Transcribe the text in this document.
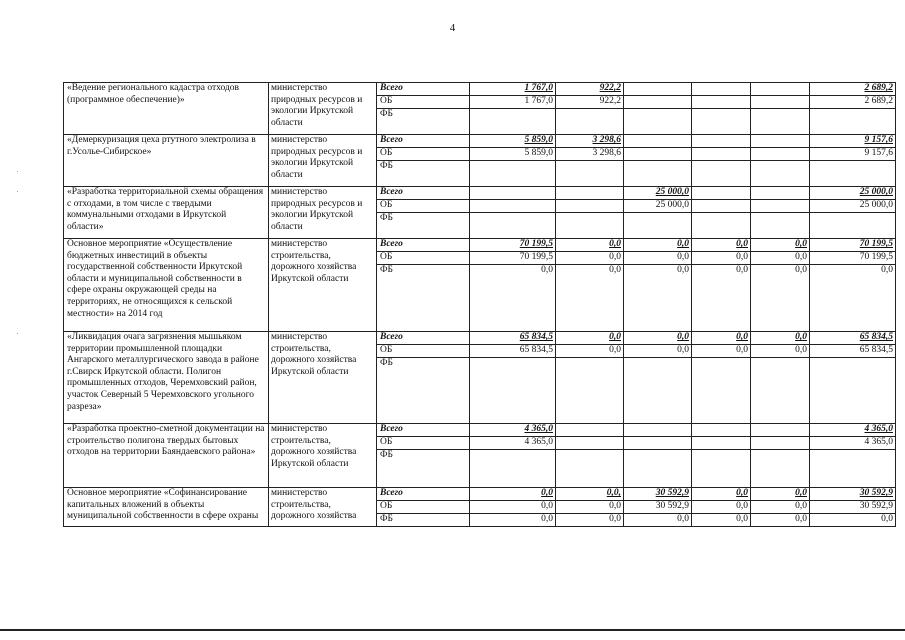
4
«Ведение регионального кадастра отходов (программное обеспечение)»	министерство природных ресурсов и экологии Иркутской области	Всего	1 767,0	922,2				2 689,2
		ОБ	1 767,0	922,2				2 689,2
		ФБ						
«Демеркуризация цеха ртутного электролиза в г.Усолье-Сибирское»	министерство природных ресурсов и экологии Иркутской области	Всего	5 859,0	3 298,6				9 157,6
		ОБ	5 859,0	3 298,6				9 157,6
		ФБ						
«Разработка территориальной схемы обращения с отходами, в том числе с твердыми коммунальными отходами в Иркутской области»	министерство природных ресурсов и экологии Иркутской области	Всего			25 000,0			25 000,0
		ОБ			25 000,0			25 000,0
		ФБ						
Основное мероприятие «Осуществление бюджетных инвестиций в объекты государственной собственности Иркутской области и муниципальной собственности в сфере охраны окружающей среды на территориях, не относящихся к сельской местности» на 2014 год	министерство строительства, дорожного хозяйства Иркутской области	Всего	70 199,5	0,0	0,0	0,0	0,0	70 199,5
		ОБ	70 199,5	0,0	0,0	0,0	0,0	70 199,5
		ФБ	0,0	0,0	0,0	0,0	0,0	0,0
«Ликвидация очага загрязнения мышьяком территории промышленной площадки Ангарского металлургического завода в районе г.Свирск Иркутской области. Полигон промышленных отходов, Черемховский район, участок Северный 5 Черемховского угольного разреза»	министерство строительства, дорожного хозяйства Иркутской области	Всего	65 834,5	0,0	0,0	0,0	0,0	65 834,5
		ОБ	65 834,5	0,0	0,0	0,0	0,0	65 834,5
		ФБ						
«Разработка проектно-сметной документации на строительство полигона твердых бытовых отходов на территории Баяндаевского района»	министерство строительства, дорожного хозяйства Иркутской области	Всего	4 365,0					4 365,0
		ОБ	4 365,0					4 365,0
		ФБ						
Основное мероприятие «Софинансирование капитальных вложений в объекты муниципальной собственности в сфере охраны	министерство строительства, дорожного хозяйства	Всего	0,0	0,0,	30 592,9	0,0	0,0	30 592,9
		ОБ	0,0	0,0	30 592,9	0,0	0,0	30 592,9
		ФБ	0,0	0,0	0,0	0,0	0,0	0,0
